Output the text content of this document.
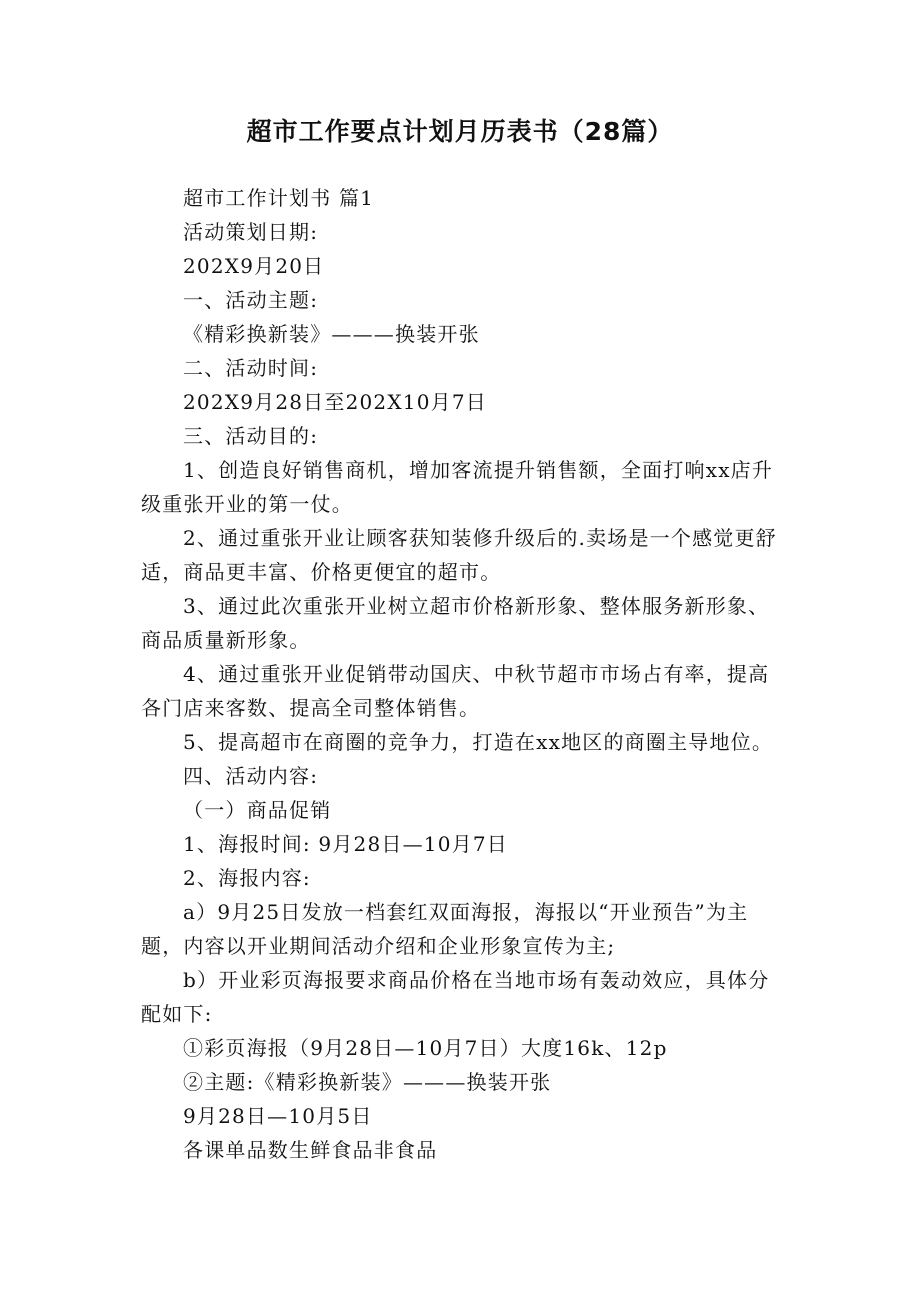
超市工作要点计划月历表书（28篇）

超市工作计划书 篇1

活动策划日期:

202X9月20日

一、活动主题:

《精彩换新装》———换装开张

二、活动时间:

202X9月28日至202X10月7日

三、活动目的:

1、创造良好销售商机，增加客流提升销售额，全面打响xx店升级重张开业的第一仗。

2、通过重张开业让顾客获知装修升级后的.卖场是一个感觉更舒适，商品更丰富、价格更便宜的超市。

3、通过此次重张开业树立超市价格新形象、整体服务新形象、商品质量新形象。

4、通过重张开业促销带动国庆、中秋节超市市场占有率，提高各门店来客数、提高全司整体销售。

5、提高超市在商圈的竞争力，打造在xx地区的商圈主导地位。

四、活动内容:

（一）商品促销

1、海报时间: 9月28日—10月7日

2、海报内容:

a）9月25日发放一档套红双面海报，海报以“开业预告”为主题，内容以开业期间活动介绍和企业形象宣传为主;

b）开业彩页海报要求商品价格在当地市场有轰动效应，具体分配如下:

①彩页海报（9月28日—10月7日）大度16k、12p

②主题:《精彩换新装》———换装开张

9月28日—10月5日

各课单品数生鲜食品非食品
